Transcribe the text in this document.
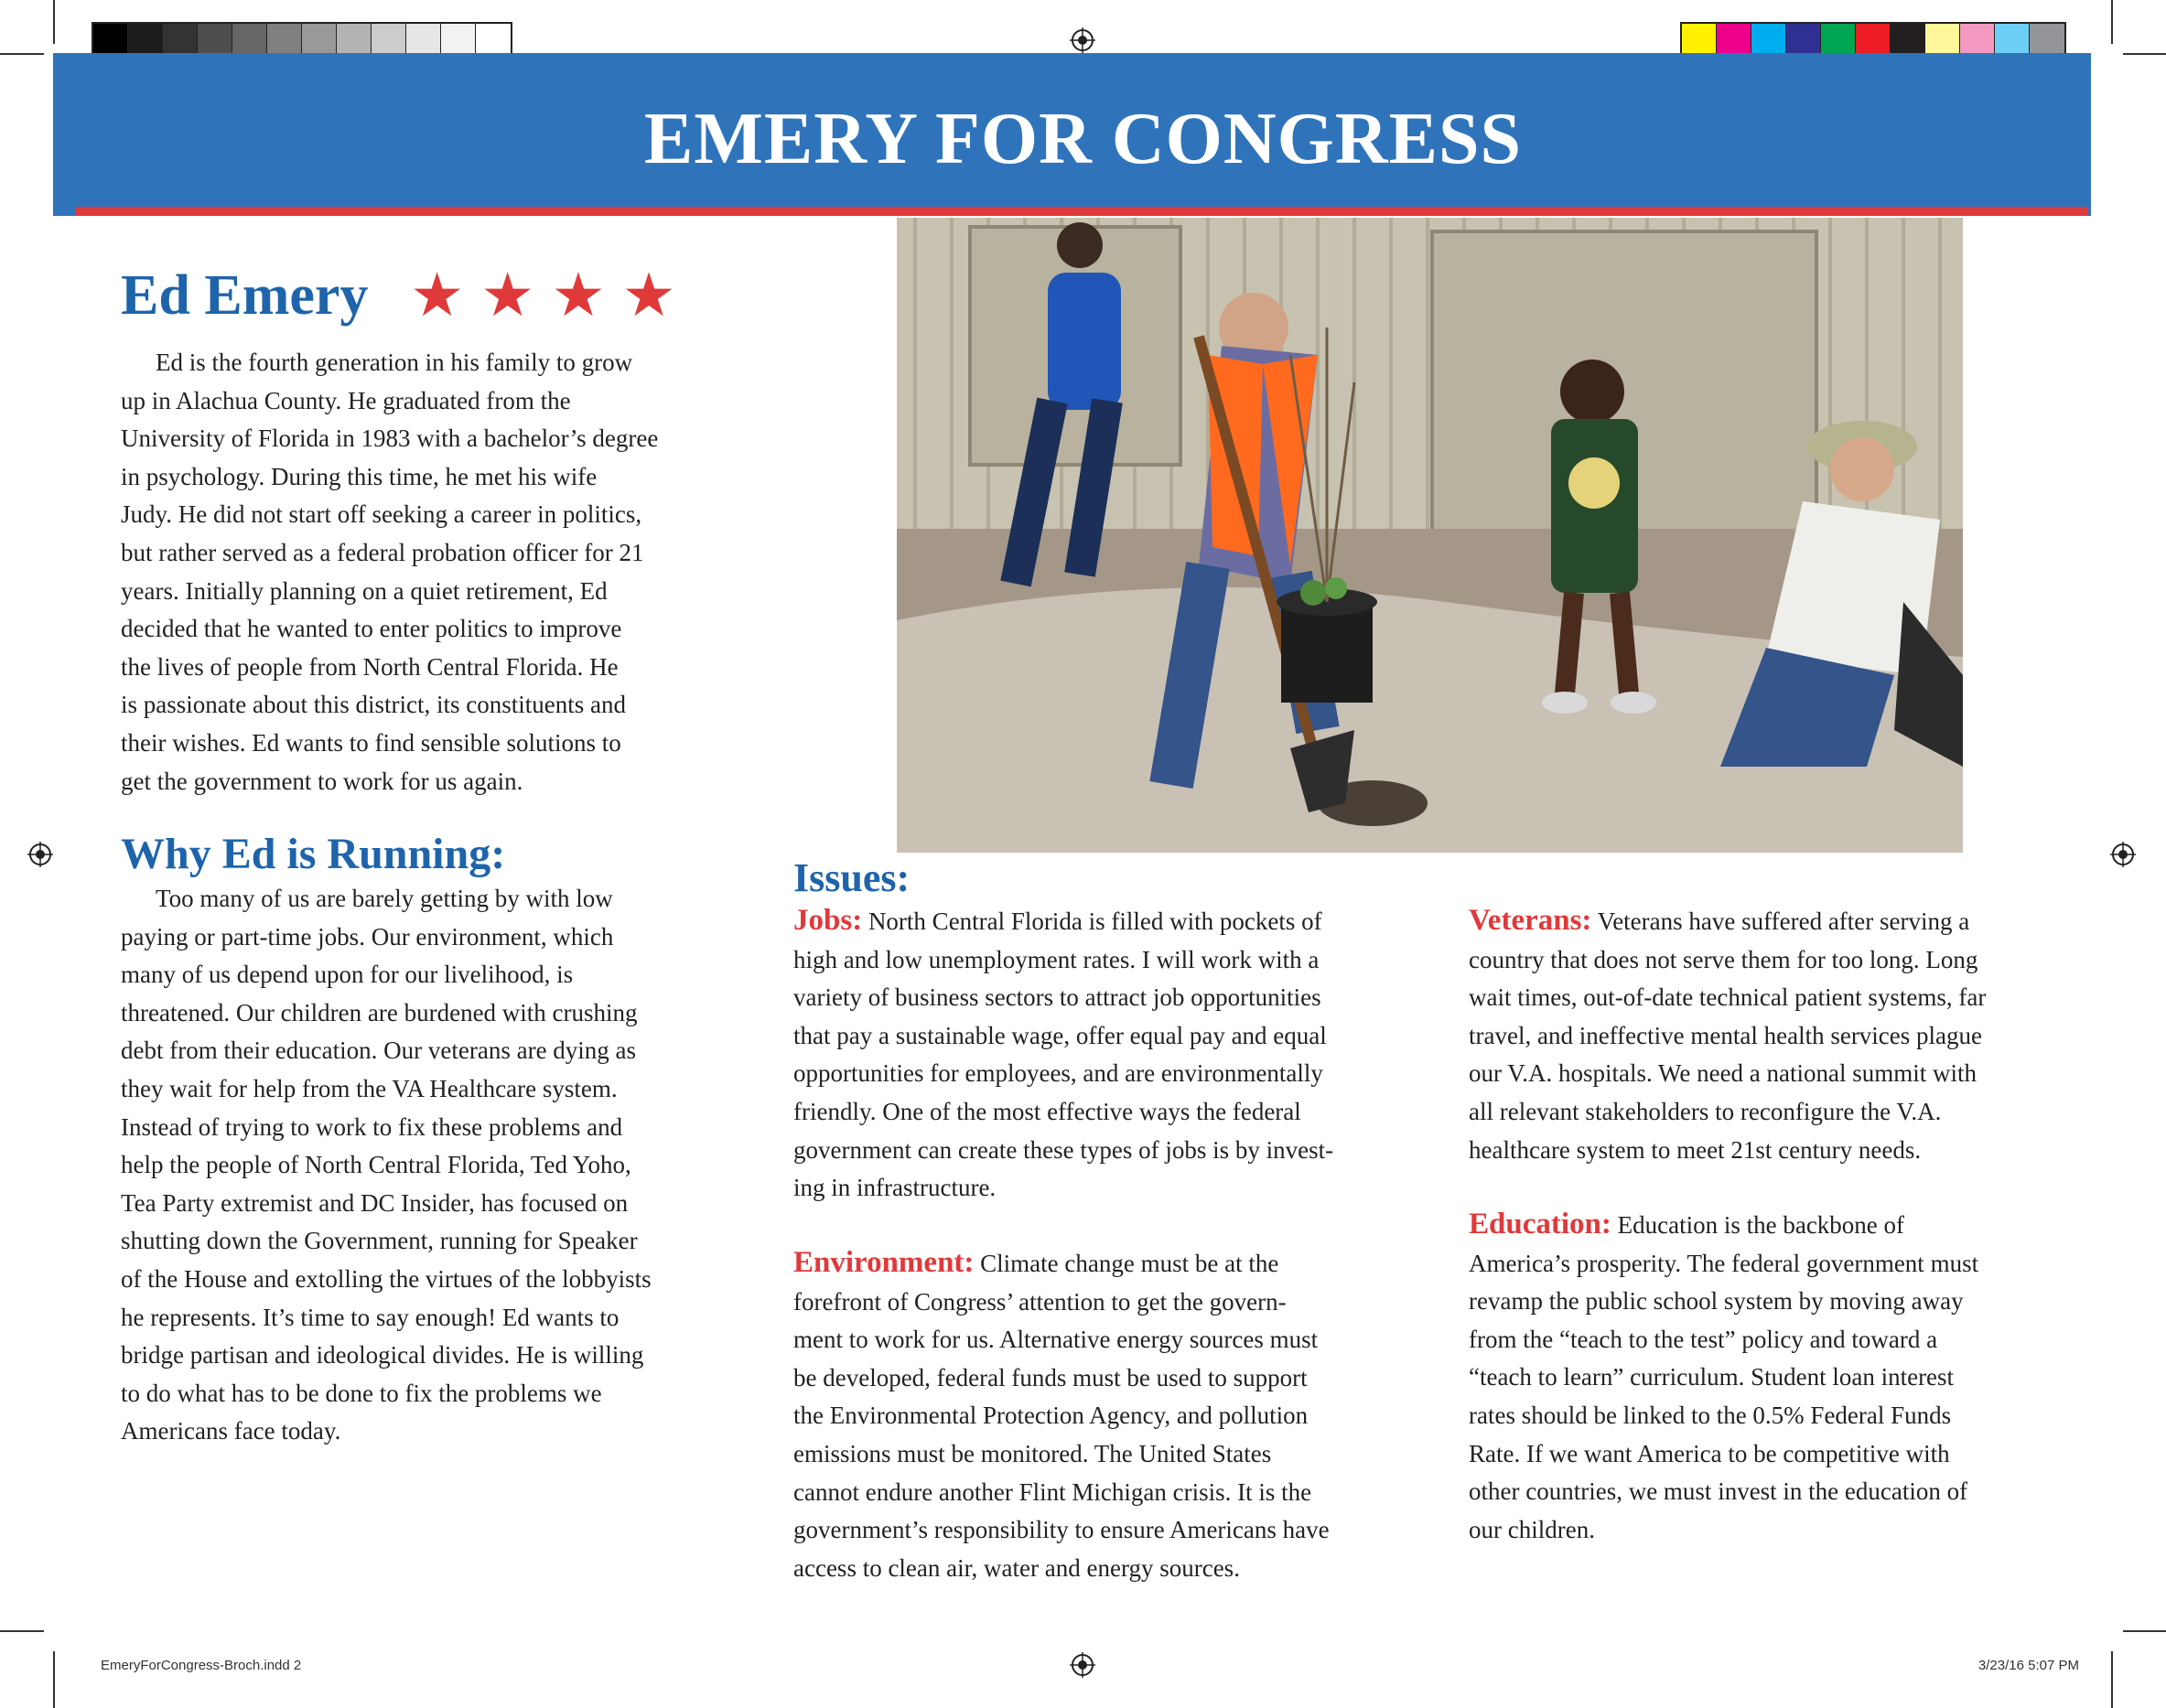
EMERY FOR CONGRESS
Ed Emery ★ ★ ★ ★

Ed is the fourth generation in his family to grow

up in Alachua County. He graduated from the

University of Florida in 1983 with a bachelor’s degree

in psychology. During this time, he met his wife

Judy. He did not start off seeking a career in politics,

but rather served as a federal probation officer for 21

years. Initially planning on a quiet retirement, Ed

decided that he wanted to enter politics to improve

the lives of people from North Central Florida. He

is passionate about this district, its constituents and

their wishes. Ed wants to find sensible solutions to

get the government to work for us again.

Why Ed is Running:

Too many of us are barely getting by with low

paying or part-time jobs. Our environment, which

many of us depend upon for our livelihood, is

threatened. Our children are burdened with crushing

debt from their education. Our veterans are dying as

they wait for help from the VA Healthcare system.

Instead of trying to work to fix these problems and

help the people of North Central Florida, Ted Yoho,

Tea Party extremist and DC Insider, has focused on

shutting down the Government, running for Speaker

of the House and extolling the virtues of the lobbyists

he represents. It’s time to say enough! Ed wants to

bridge partisan and ideological divides. He is willing

to do what has to be done to fix the problems we

Americans face today.

Issues:

Jobs: North Central Florida is filled with pockets of

high and low unemployment rates. I will work with a

variety of business sectors to attract job opportunities

that pay a sustainable wage, offer equal pay and equal

opportunities for employees, and are environmentally

friendly. One of the most effective ways the federal

government can create these types of jobs is by invest-

ing in infrastructure.

Environment: Climate change must be at the

forefront of Congress’ attention to get the govern-

ment to work for us. Alternative energy sources must

be developed, federal funds must be used to support

the Environmental Protection Agency, and pollution

emissions must be monitored. The United States

cannot endure another Flint Michigan crisis. It is the

government’s responsibility to ensure Americans have

access to clean air, water and energy sources.

Veterans: Veterans have suffered after serving a

country that does not serve them for too long. Long

wait times, out-of-date technical patient systems, far

travel, and ineffective mental health services plague

our V.A. hospitals. We need a national summit with

all relevant stakeholders to reconfigure the V.A.

healthcare system to meet 21st century needs.

Education: Education is the backbone of

America’s prosperity. The federal government must

revamp the public school system by moving away

from the “teach to the test” policy and toward a

“teach to learn” curriculum. Student loan interest

rates should be linked to the 0.5% Federal Funds

Rate. If we want America to be competitive with

other countries, we must invest in the education of

our children.

EmeryForCongress-Broch.indd 2	3/23/16 5:07 PM
